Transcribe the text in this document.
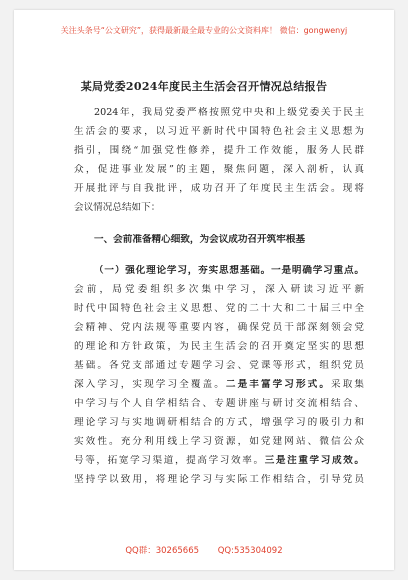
关注头条号“公文研究”，获得最新最全最专业的公文资料库！ 微信：gongwenyj
某局党委2024年度民主生活会召开情况总结报告
2024年，我局党委严格按照党中央和上级党委关于民主
生活会的要求，以习近平新时代中国特色社会主义思想为
指引，围绕“加强党性修养，提升工作效能，服务人民群
众，促进事业发展”的主题，聚焦问题，深入剖析，认真
开展批评与自我批评，成功召开了年度民主生活会。现将
会议情况总结如下：
一、会前准备精心细致，为会议成功召开筑牢根基
（一）强化理论学习，夯实思想基础。一是明确学习重点。
会前，局党委组织多次集中学习，深入研读习近平新
时代中国特色社会主义思想、党的二十大和二十届三中全
会精神、党内法规等重要内容，确保党员干部深刻领会党
的理论和方针政策，为民主生活会的召开奠定坚实的思想
基础。各党支部通过专题学习会、党课等形式，组织党员
深入学习，实现学习全覆盖。二是丰富学习形式。采取集
中学习与个人自学相结合、专题讲座与研讨交流相结合、
理论学习与实地调研相结合的方式，增强学习的吸引力和
实效性。充分利用线上学习资源，如党建网站、微信公众
号等，拓宽学习渠道，提高学习效率。三是注重学习成效。
坚持学以致用，将理论学习与实际工作相结合，引导党员
QQ群：30265665 QQ:535304092
